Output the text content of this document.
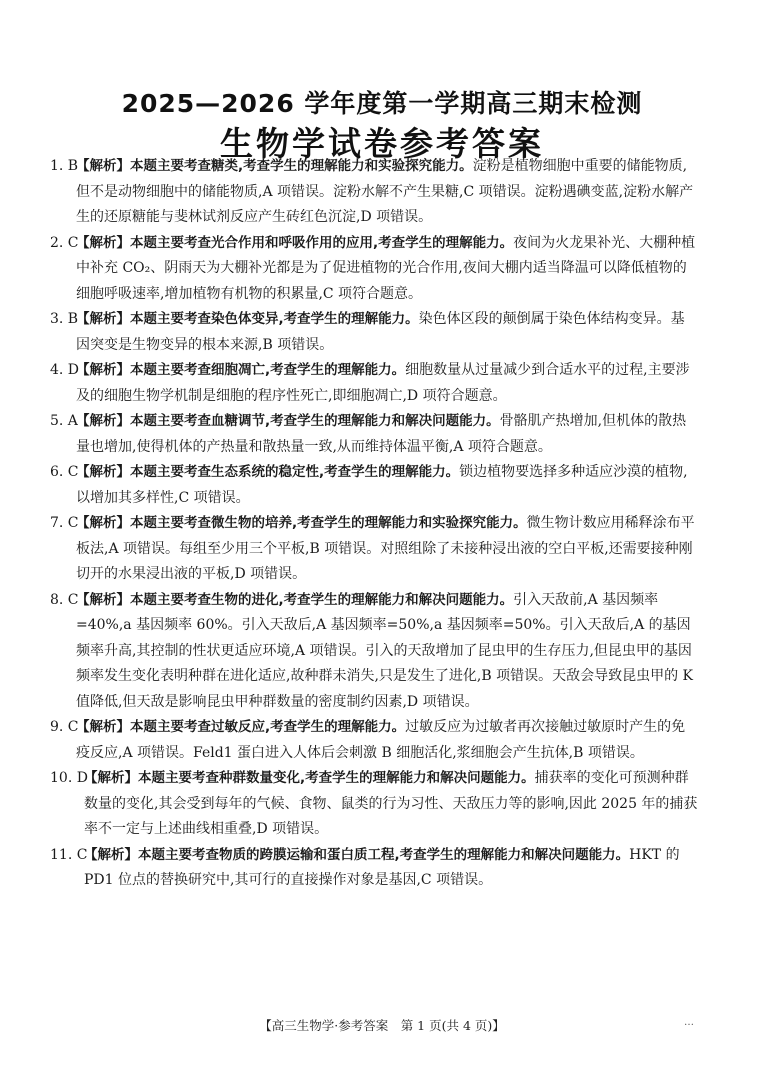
2025—2026 学年度第一学期高三期末检测
生物学试卷参考答案
1. B
【解析】本题主要考查糖类,考查学生的理解能力和实验探究能力。淀粉是植物细胞中重要的储能物质,但不是动物细胞中的储能物质,A 项错误。淀粉水解不产生果糖,C 项错误。淀粉遇碘变蓝,淀粉水解产生的还原糖能与斐林试剂反应产生砖红色沉淀,D 项错误。
2. C
【解析】本题主要考查光合作用和呼吸作用的应用,考查学生的理解能力。夜间为火龙果补光、大棚种植中补充 CO₂、阴雨天为大棚补光都是为了促进植物的光合作用,夜间大棚内适当降温可以降低植物的细胞呼吸速率,增加植物有机物的积累量,C 项符合题意。
3. B
【解析】本题主要考查染色体变异,考查学生的理解能力。染色体区段的颠倒属于染色体结构变异。基因突变是生物变异的根本来源,B 项错误。
4. D
【解析】本题主要考查细胞凋亡,考查学生的理解能力。细胞数量从过量减少到合适水平的过程,主要涉及的细胞生物学机制是细胞的程序性死亡,即细胞凋亡,D 项符合题意。
5. A
【解析】本题主要考查血糖调节,考查学生的理解能力和解决问题能力。骨骼肌产热增加,但机体的散热量也增加,使得机体的产热量和散热量一致,从而维持体温平衡,A 项符合题意。
6. C
【解析】本题主要考查生态系统的稳定性,考查学生的理解能力。锁边植物要选择多种适应沙漠的植物,以增加其多样性,C 项错误。
7. C
【解析】本题主要考查微生物的培养,考查学生的理解能力和实验探究能力。微生物计数应用稀释涂布平板法,A 项错误。每组至少用三个平板,B 项错误。对照组除了未接种浸出液的空白平板,还需要接种刚切开的水果浸出液的平板,D 项错误。
8. C
【解析】本题主要考查生物的进化,考查学生的理解能力和解决问题能力。引入天敌前,A 基因频率=40%,a 基因频率 60%。引入天敌后,A 基因频率=50%,a 基因频率=50%。引入天敌后,A 的基因频率升高,其控制的性状更适应环境,A 项错误。引入的天敌增加了昆虫甲的生存压力,但昆虫甲的基因频率发生变化表明种群在进化适应,故种群未消失,只是发生了进化,B 项错误。天敌会导致昆虫甲的 K 值降低,但天敌是影响昆虫甲种群数量的密度制约因素,D 项错误。
9. C
【解析】本题主要考查过敏反应,考查学生的理解能力。过敏反应为过敏者再次接触过敏原时产生的免疫反应,A 项错误。Feld1 蛋白进入人体后会刺激 B 细胞活化,浆细胞会产生抗体,B 项错误。
10. D
【解析】本题主要考查种群数量变化,考查学生的理解能力和解决问题能力。捕获率的变化可预测种群数量的变化,其会受到每年的气候、食物、鼠类的行为习性、天敌压力等的影响,因此 2025 年的捕获率不一定与上述曲线相重叠,D 项错误。
11. C
【解析】本题主要考查物质的跨膜运输和蛋白质工程,考查学生的理解能力和解决问题能力。HKT 的 PD1 位点的替换研究中,其可行的直接操作对象是基因,C 项错误。
【高三生物学·参考答案　第 1 页(共 4 页)】	…
